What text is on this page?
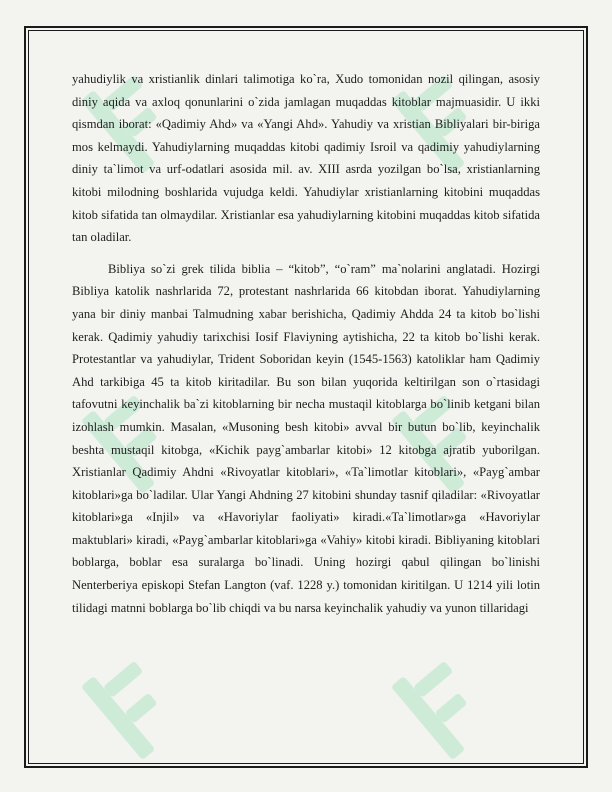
yahudiylik va xristianlik dinlari talimotiga ko`ra, Xudo tomonidan nozil qilingan, asosiy diniy aqida va axloq qonunlarini o`zida jamlagan muqaddas kitoblar majmuasidir. U ikki qismdan iborat: «Qadimiy Ahd» va «Yangi Ahd». Yahudiy va xristian Bibliyalari bir-biriga mos kelmaydi. Yahudiylarning muqaddas kitobi qadimiy Isroil va qadimiy yahudiylarning diniy ta`limot va urf-odatlari asosida mil. av. XIII asrda yozilgan bo`lsa, xristianlarning kitobi milodning boshlarida vujudga keldi. Yahudiylar xristianlarning kitobini muqaddas kitob sifatida tan olmaydilar. Xristianlar esa yahudiylarning kitobini muqaddas kitob sifatida tan oladilar.

Bibliya so`zi grek tilida biblia – “kitob”, “o`ram” ma`nolarini anglatadi. Hozirgi Bibliya katolik nashrlarida 72, protestant nashrlarida 66 kitobdan iborat. Yahudiylarning yana bir diniy manbai Talmudning xabar berishicha, Qadimiy Ahdda 24 ta kitob bo`lishi kerak. Qadimiy yahudiy tarixchisi Iosif Flaviyning aytishicha, 22 ta kitob bo`lishi kerak. Protestantlar va yahudiylar, Trident Soboridan keyin (1545-1563) katoliklar ham Qadimiy Ahd tarkibiga 45 ta kitob kiritadilar. Bu son bilan yuqorida keltirilgan son o`rtasidagi tafovutni keyinchalik ba`zi kitoblarning bir necha mustaqil kitoblarga bo`linib ketgani bilan izohlash mumkin. Masalan, «Musoning besh kitobi» avval bir butun bo`lib, keyinchalik beshta mustaqil kitobga, «Kichik payg`ambarlar kitobi» 12 kitobga ajratib yuborilgan. Xristianlar Qadimiy Ahdni «Rivoyatlar kitoblari», «Ta`limotlar kitoblari», «Payg`ambar kitoblari»ga bo`ladilar. Ular Yangi Ahdning 27 kitobini shunday tasnif qiladilar: «Rivoyatlar kitoblari»ga «Injil» va «Havoriylar faoliyati» kiradi.«Ta`limotlar»ga «Havoriylar maktublari» kiradi, «Payg`ambarlar kitoblari»ga «Vahiy» kitobi kiradi. Bibliyaning kitoblari boblarga, boblar esa suralarga bo`linadi. Uning hozirgi qabul qilingan bo`linishi Nenterberiya episkopi Stefan Langton (vaf. 1228 y.) tomonidan kiritilgan. U 1214 yili lotin tilidagi matnni boblarga bo`lib chiqdi va bu narsa keyinchalik yahudiy va yunon tillaridagi
